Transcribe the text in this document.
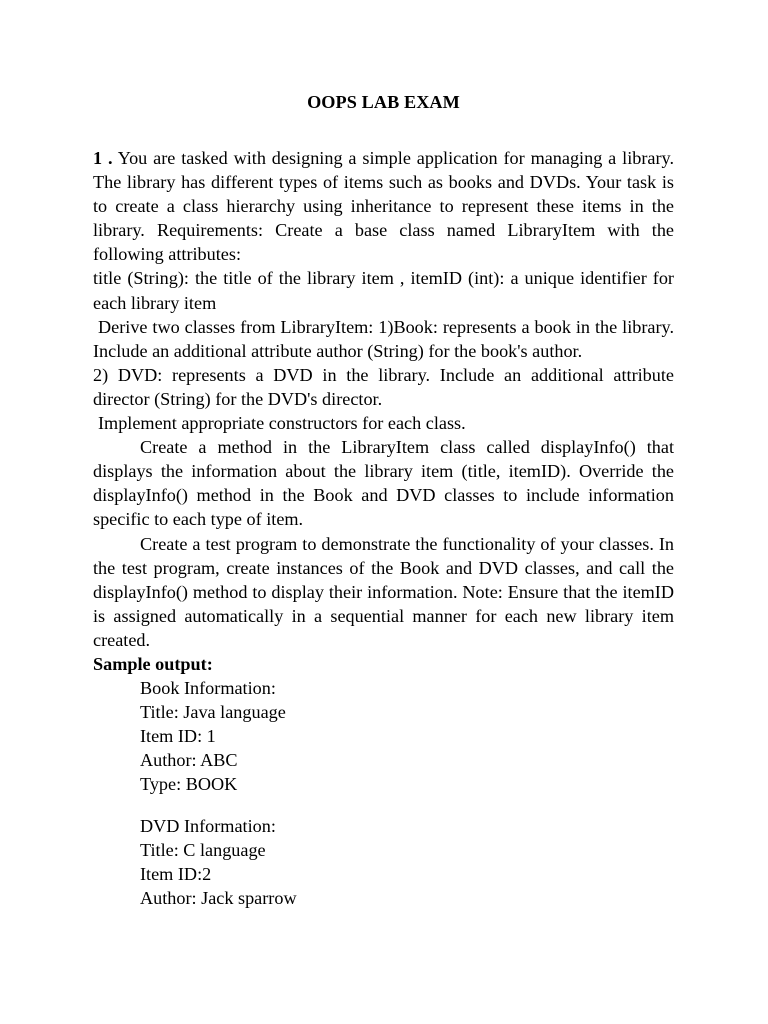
OOPS LAB EXAM

1 . You are tasked with designing a simple application for managing a library. The library has different types of items such as books and DVDs. Your task is to create a class hierarchy using inheritance to represent these items in the library. Requirements: Create a base class named LibraryItem with the following attributes:

title (String): the title of the library item , itemID (int): a unique identifier for each library item

Derive two classes from LibraryItem: 1)Book: represents a book in the library. Include an additional attribute author (String) for the book's author.

2) DVD: represents a DVD in the library. Include an additional attribute director (String) for the DVD's director.

Implement appropriate constructors for each class.

Create a method in the LibraryItem class called displayInfo() that displays the information about the library item (title, itemID). Override the displayInfo() method in the Book and DVD classes to include information specific to each type of item.

Create a test program to demonstrate the functionality of your classes. In the test program, create instances of the Book and DVD classes, and call the displayInfo() method to display their information. Note: Ensure that the itemID is assigned automatically in a sequential manner for each new library item created.

Sample output:

Book Information:
Title: Java language
Item ID: 1
Author: ABC
Type: BOOK
DVD Information:
Title: C language
Item ID:2
Author: Jack sparrow
